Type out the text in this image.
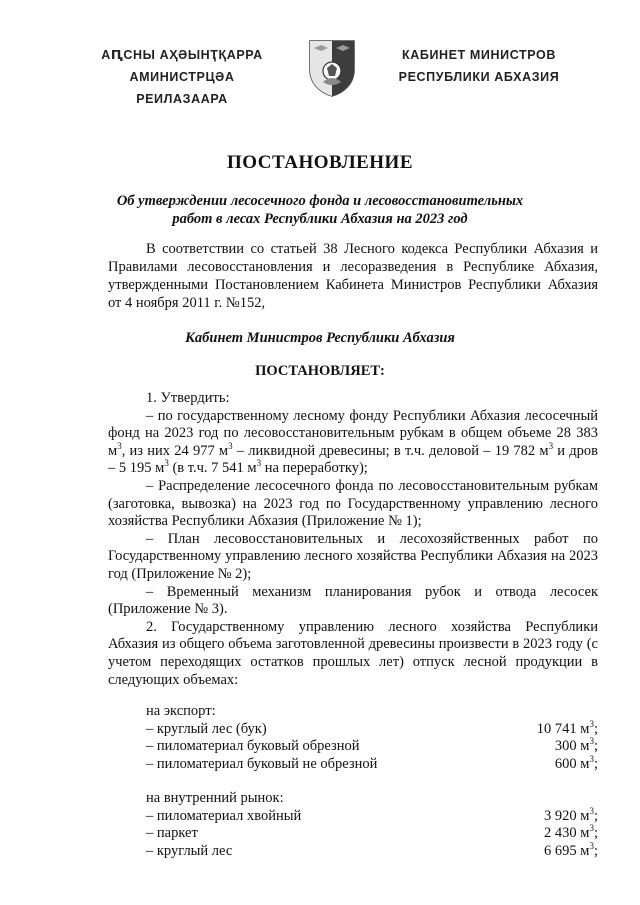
АԤСНЫ АҲӘЫНҬҚАРРА
АМИНИСТРЦӘА РЕИЛАЗААРА
КАБИНЕТ МИНИСТРОВ
РЕСПУБЛИКИ АБХАЗИЯ
ПОСТАНОВЛЕНИЕ
Об утверждении лесосечного фонда и лесовосстановительных
работ в лесах Республики Абхазия на 2023 год
В соответствии со статьей 38 Лесного кодекса Республики Абхазия и Правилами лесовосстановления и лесоразведения в Республике Абхазия, утвержденными Постановлением Кабинета Министров Республики Абхазия от 4 ноября 2011 г. №152,
Кабинет Министров Республики Абхазия
ПОСТАНОВЛЯЕТ:

1. Утвердить:

– по государственному лесному фонду Республики Абхазия лесосечный фонд на 2023 год по лесовосстановительным рубкам в общем объеме 28 383 $м^3$, из них 24 977 $м^3$ – ликвидной древесины; в т.ч. деловой – 19 782 $м^3$ и дров – 5 195 $м^3$ (в т.ч. 7 541 $м^3$ на переработку);

– Распределение лесосечного фонда по лесовосстановительным рубкам (заготовка, вывозка) на 2023 год по Государственному управлению лесного хозяйства Республики Абхазия (Приложение № 1);

– План лесовосстановительных и лесохозяйственных работ по Государственному управлению лесного хозяйства Республики Абхазия на 2023 год (Приложение № 2);

– Временный механизм планирования рубок и отвода лесосек (Приложение № 3).

2. Государственному управлению лесного хозяйства Республики Абхазия из общего объема заготовленной древесины произвести в 2023 году (с учетом переходящих остатков прошлых лет) отпуск лесной продукции в следующих объемах:

на экспорт:
– круглый лес (бук)	10 741 $м^3$;
– пиломатериал буковый обрезной	300 $м^3$;
– пиломатериал буковый не обрезной	600 $м^3$;
на внутренний рынок:
– пиломатериал хвойный	3 920 $м^3$;
– паркет	2 430 $м^3$;
– круглый лес	6 695 $м^3$;
